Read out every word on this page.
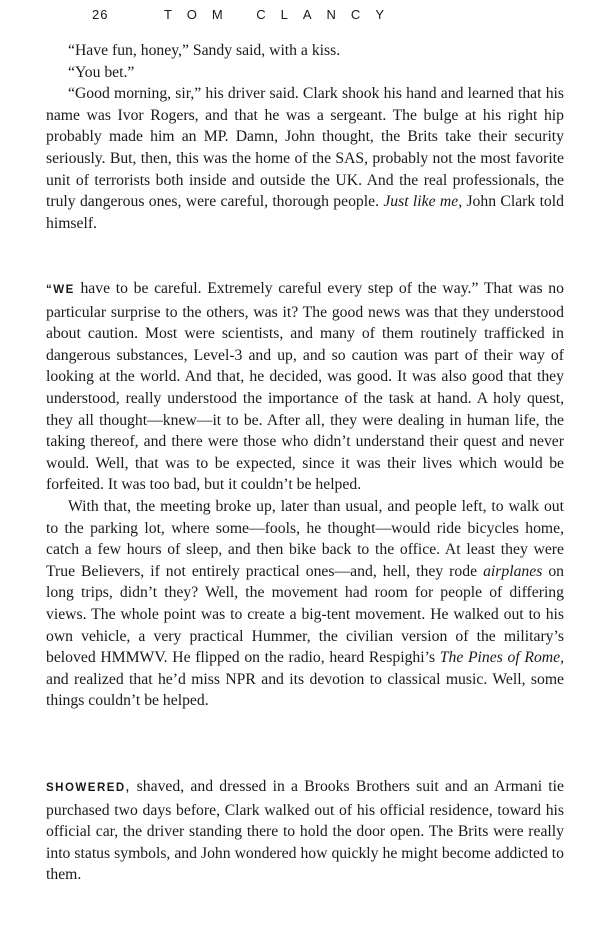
26	TOM CLANCY

“Have fun, honey,” Sandy said, with a kiss.

“You bet.”

“Good morning, sir,” his driver said. Clark shook his hand and learned that his name was Ivor Rogers, and that he was a sergeant. The bulge at his right hip probably made him an MP. Damn, John thought, the Brits take their security seriously. But, then, this was the home of the SAS, probably not the most favorite unit of terrorists both inside and outside the UK. And the real professionals, the truly dangerous ones, were careful, thorough people. Just like me, John Clark told himself.

“WE have to be careful. Extremely careful every step of the way.” That was no particular surprise to the others, was it? The good news was that they understood about caution. Most were scientists, and many of them routinely trafficked in dangerous substances, Level-3 and up, and so caution was part of their way of looking at the world. And that, he decided, was good. It was also good that they understood, really understood the importance of the task at hand. A holy quest, they all thought—knew—it to be. After all, they were dealing in human life, the taking thereof, and there were those who didn’t understand their quest and never would. Well, that was to be expected, since it was their lives which would be forfeited. It was too bad, but it couldn’t be helped.

With that, the meeting broke up, later than usual, and people left, to walk out to the parking lot, where some—fools, he thought—would ride bicycles home, catch a few hours of sleep, and then bike back to the office. At least they were True Believers, if not entirely practical ones—and, hell, they rode airplanes on long trips, didn’t they? Well, the movement had room for people of differing views. The whole point was to create a big-tent movement. He walked out to his own vehicle, a very practical Hummer, the civilian version of the military’s beloved HMMWV. He flipped on the radio, heard Respighi’s The Pines of Rome, and realized that he’d miss NPR and its devotion to classical music. Well, some things couldn’t be helped.

SHOWERED, shaved, and dressed in a Brooks Brothers suit and an Armani tie purchased two days before, Clark walked out of his official residence, toward his official car, the driver standing there to hold the door open. The Brits were really into status symbols, and John wondered how quickly he might become addicted to them.
